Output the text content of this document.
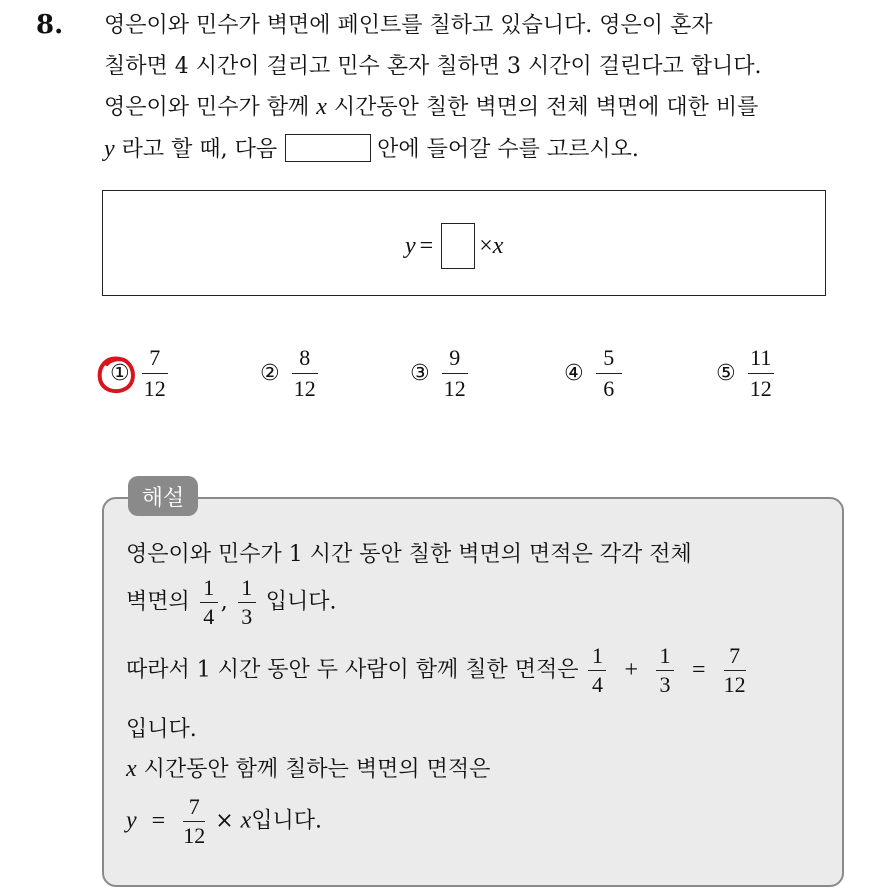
8. 영은이와 민수가 벽면에 페인트를 칠하고 있습니다. 영은이 혼자
칠하면 4 시간이 걸리고 민수 혼자 칠하면 3 시간이 걸린다고 합니다.
영은이와 민수가 함께 x 시간동안 칠한 벽면의 전체 벽면에 대한 비를
y 라고 할 때, 다음	안에 들어갈 수를 고르시오.
y = × x
① $\frac{7}{12}$	② $\frac{8}{12}$	③ $\frac{9}{12}$	④ $\frac{5}{6}$	⑤ $\frac{11}{12}$
해설
영은이와 민수가 1 시간 동안 칠한 벽면의 면적은 각각 전체
벽면의 $\frac{1}{4}$ , $\frac{1}{3}$ 입니다.
따라서 1 시간 동안 두 사람이 함께 칠한 면적은 $\frac{1}{4} + \frac{1}{3} = \frac{7}{12}$
입니다.
x 시간동안 함께 칠하는 벽면의 면적은
$y = \frac{7}{12} \times x$입니다.
